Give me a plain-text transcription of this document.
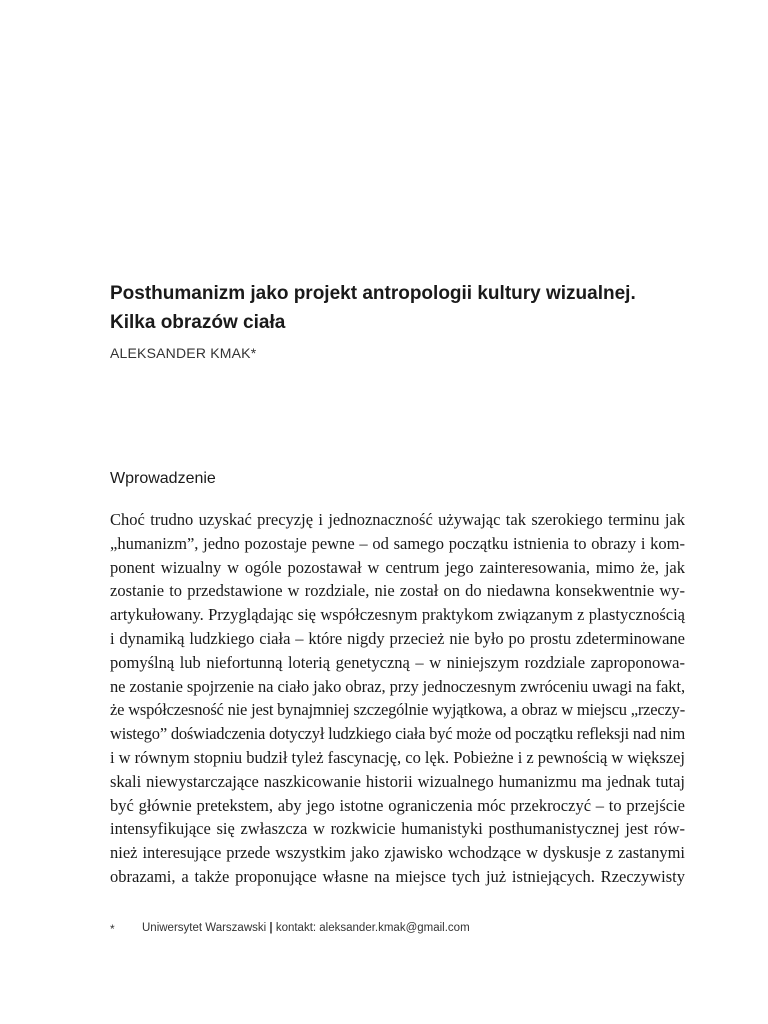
Posthumanizm jako projekt antropologii kultury wizualnej.
Kilka obrazów ciała
ALEKSANDER KMAK*
Wprowadzenie
Choć trudno uzyskać precyzję i jednoznaczność używając tak szerokiego terminu jak
„humanizm”, jedno pozostaje pewne – od samego początku istnienia to obrazy i kom-
ponent wizualny w ogóle pozostawał w centrum jego zainteresowania, mimo że, jak
zostanie to przedstawione w rozdziale, nie został on do niedawna konsekwentnie wy-
artykułowany. Przyglądając się współczesnym praktykom związanym z plastycznością
i dynamiką ludzkiego ciała – które nigdy przecież nie było po prostu zdeterminowane
pomyślną lub niefortunną loterią genetyczną – w niniejszym rozdziale zaproponowa-
ne zostanie spojrzenie na ciało jako obraz, przy jednoczesnym zwróceniu uwagi na fakt,
że współczesność nie jest bynajmniej szczególnie wyjątkowa, a obraz w miejscu „rzeczy-
wistego” doświadczenia dotyczył ludzkiego ciała być może od początku refleksji nad nim
i w równym stopniu budził tyleż fascynację, co lęk. Pobieżne i z pewnością w większej
skali niewystarczające naszkicowanie historii wizualnego humanizmu ma jednak tutaj
być głównie pretekstem, aby jego istotne ograniczenia móc przekroczyć – to przejście
intensyfikujące się zwłaszcza w rozkwicie humanistyki posthumanistycznej jest rów-
nież interesujące przede wszystkim jako zjawisko wchodzące w dyskusje z zastanymi
obrazami, a także proponujące własne na miejsce tych już istniejących. Rzeczywisty
* Uniwersytet Warszawski | kontakt: aleksander.kmak@gmail.com
